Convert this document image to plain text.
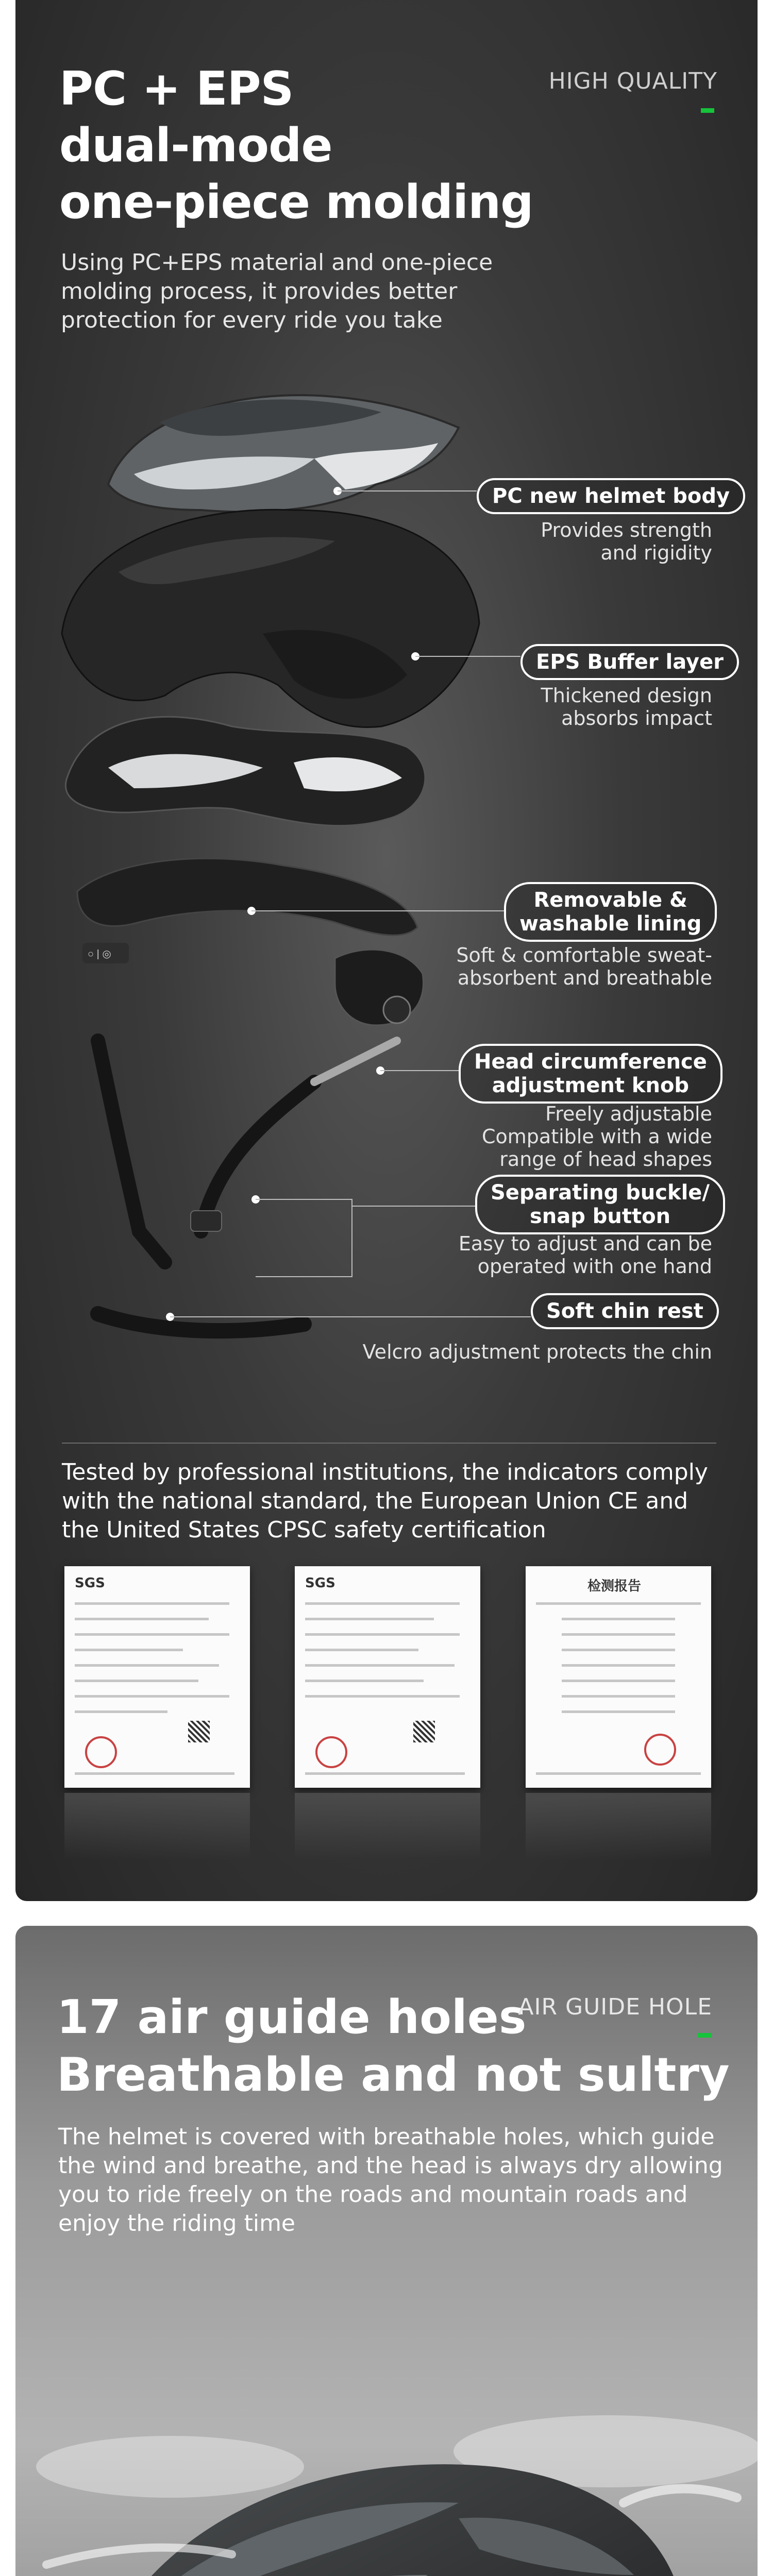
PC + EPS
dual-mode
one-piece molding
HIGH QUALITY
Using PC+EPS material and one-piece molding process, it provides better protection for every ride you take
○ | ◎
PC new helmet body
Provides strength
and rigidity
EPS Buffer layer
Thickened design
absorbs impact
Removable &
washable lining
Soft & comfortable sweat-
absorbent and breathable
Head circumference
adjustment knob
Freely adjustable
Compatible with a wide
range of head shapes
Separating buckle/
snap button
Easy to adjust and can be
operated with one hand
Soft chin rest
Velcro adjustment protects the chin
Tested by professional institutions, the indicators comply with the national standard, the European Union CE and the United States CPSC safety certification
SGS	SGS	检测报告
17 air guide holes
Breathable and not sultry
AIR GUIDE HOLE
The helmet is covered with breathable holes, which guide the wind and breathe, and the head is always dry allowing you to ride freely on the roads and mountain roads and enjoy the riding time
